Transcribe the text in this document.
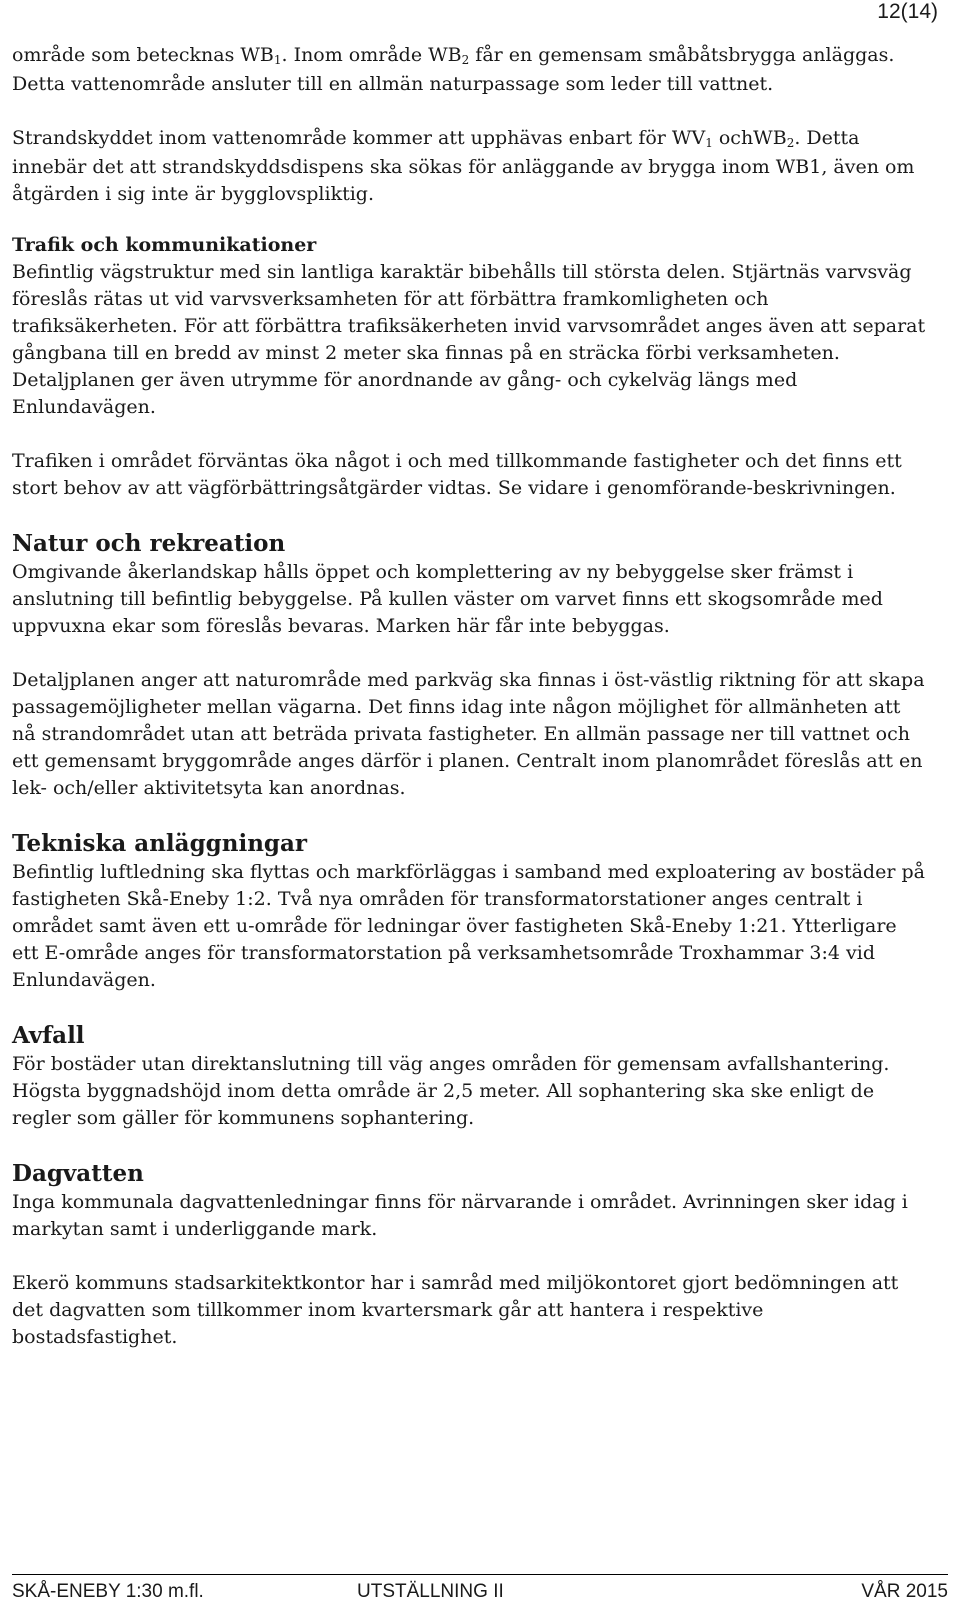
12(14)

område som betecknas $WB_1$. Inom område $WB_2$ får en gemensam småbåtsbrygga anläggas. Detta vattenområde ansluter till en allmän naturpassage som leder till vattnet.

Strandskyddet inom vattenområde kommer att upphävas enbart för $WV_1$ ochWB$_2$. Detta innebär det att strandskyddsdispens ska sökas för anläggande av brygga inom WB1, även om åtgärden i sig inte är bygglovspliktig.

Trafik och kommunikationer

Befintlig vägstruktur med sin lantliga karaktär bibehålls till största delen. Stjärtnäs varvsväg föreslås rätas ut vid varvsverksamheten för att förbättra framkomligheten och trafiksäkerheten. För att förbättra trafiksäkerheten invid varvsområdet anges även att separat gångbana till en bredd av minst 2 meter ska finnas på en sträcka förbi verksamheten. Detaljplanen ger även utrymme för anordnande av gång- och cykelväg längs med Enlundavägen.

Trafiken i området förväntas öka något i och med tillkommande fastigheter och det finns ett stort behov av att vägförbättringsåtgärder vidtas. Se vidare i genomförande-beskrivningen.

Natur och rekreation

Omgivande åkerlandskap hålls öppet och komplettering av ny bebyggelse sker främst i anslutning till befintlig bebyggelse. På kullen väster om varvet finns ett skogsområde med uppvuxna ekar som föreslås bevaras. Marken här får inte bebyggas.

Detaljplanen anger att naturområde med parkväg ska finnas i öst-västlig riktning för att skapa passagemöjligheter mellan vägarna. Det finns idag inte någon möjlighet för allmänheten att nå strandområdet utan att beträda privata fastigheter. En allmän passage ner till vattnet och ett gemensamt bryggområde anges därför i planen. Centralt inom planområdet föreslås att en lek- och/eller aktivitetsyta kan anordnas.

Tekniska anläggningar

Befintlig luftledning ska flyttas och markförläggas i samband med exploatering av bostäder på fastigheten Skå-Eneby 1:2. Två nya områden för transformatorstationer anges centralt i området samt även ett u-område för ledningar över fastigheten Skå-Eneby 1:21. Ytterligare ett E-område anges för transformatorstation på verksamhetsområde Troxhammar 3:4 vid Enlundavägen.

Avfall

För bostäder utan direktanslutning till väg anges områden för gemensam avfallshantering. Högsta byggnadshöjd inom detta område är 2,5 meter. All sophantering ska ske enligt de regler som gäller för kommunens sophantering.

Dagvatten

Inga kommunala dagvattenledningar finns för närvarande i området. Avrinningen sker idag i markytan samt i underliggande mark.

Ekerö kommuns stadsarkitektkontor har i samråd med miljökontoret gjort bedömningen att det dagvatten som tillkommer inom kvartersmark går att hantera i respektive bostadsfastighet.

SKÅ-ENEBY 1:30 m.fl.	UTSTÄLLNING II	VÅR 2015
